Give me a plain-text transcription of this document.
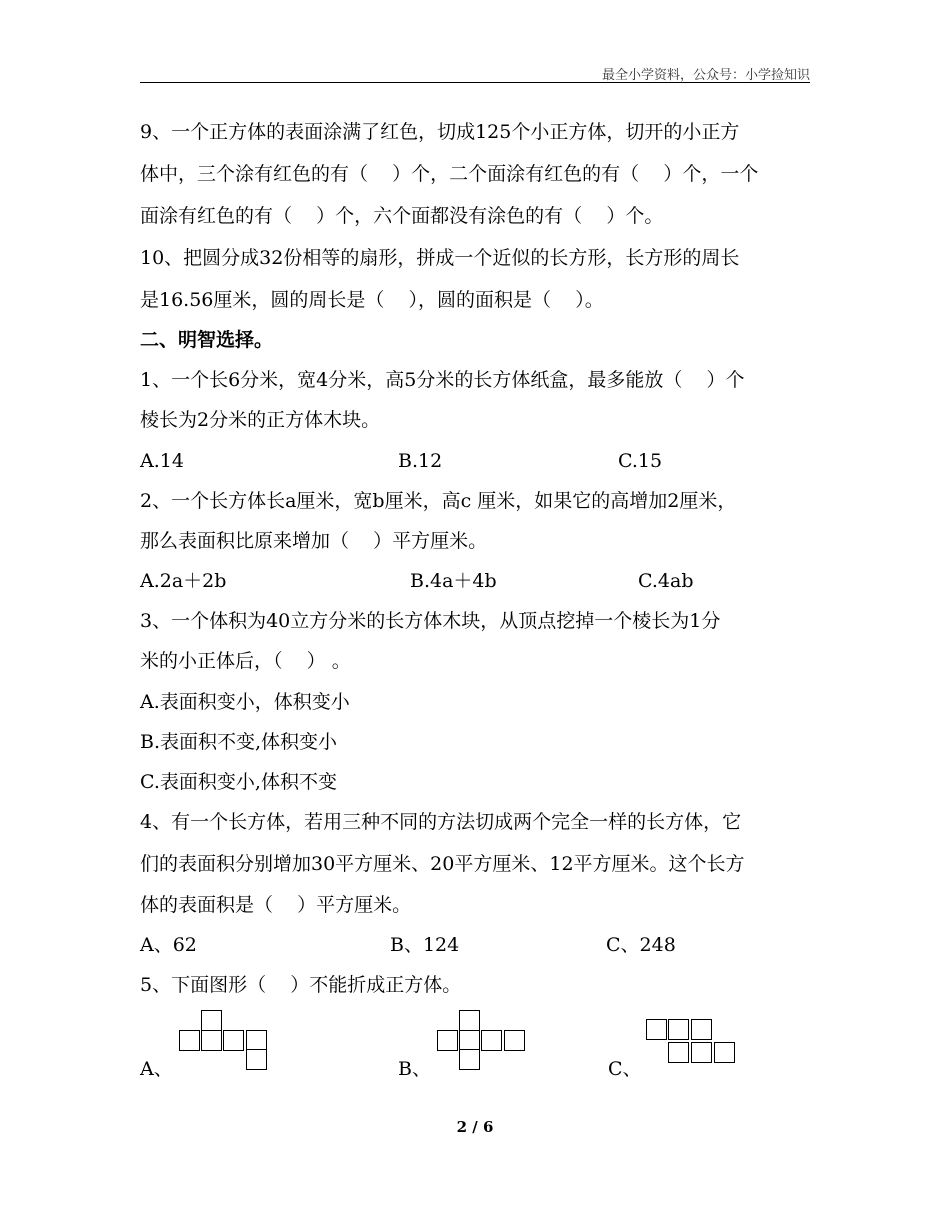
最全小学资料，公众号：小学捡知识
9、一个正方体的表面涂满了红色，切成125个小正方体，切开的小正方
体中，三个涂有红色的有（    ）个，二个面涂有红色的有（    ）个，一个
面涂有红色的有（    ）个，六个面都没有涂色的有（    ）个。
10、把圆分成32份相等的扇形，拼成一个近似的长方形，长方形的周长
是16.56厘米，圆的周长是（    ），圆的面积是（    ）。
二、明智选择。
1、一个长6分米，宽4分米，高5分米的长方体纸盒，最多能放（    ）个
棱长为2分米的正方体木块。
A.14	B.12	C.15
2、一个长方体长a厘米，宽b厘米，高c 厘米，如果它的高增加2厘米，
那么表面积比原来增加（    ）平方厘米。
A.2a＋2b	B.4a＋4b	C.4ab
3、一个体积为40立方分米的长方体木块，从顶点挖掉一个棱长为1分
米的小正体后，（    ） 。
A.表面积变小，体积变小
B.表面积不变,体积变小
C.表面积变小,体积不变
4、有一个长方体，若用三种不同的方法切成两个完全一样的长方体，它
们的表面积分别增加30平方厘米、20平方厘米、12平方厘米。这个长方
体的表面积是（    ）平方厘米。
A、62	B、124	C、248
5、下面图形（    ）不能折成正方体。
A、	B、	C、
2 / 6
